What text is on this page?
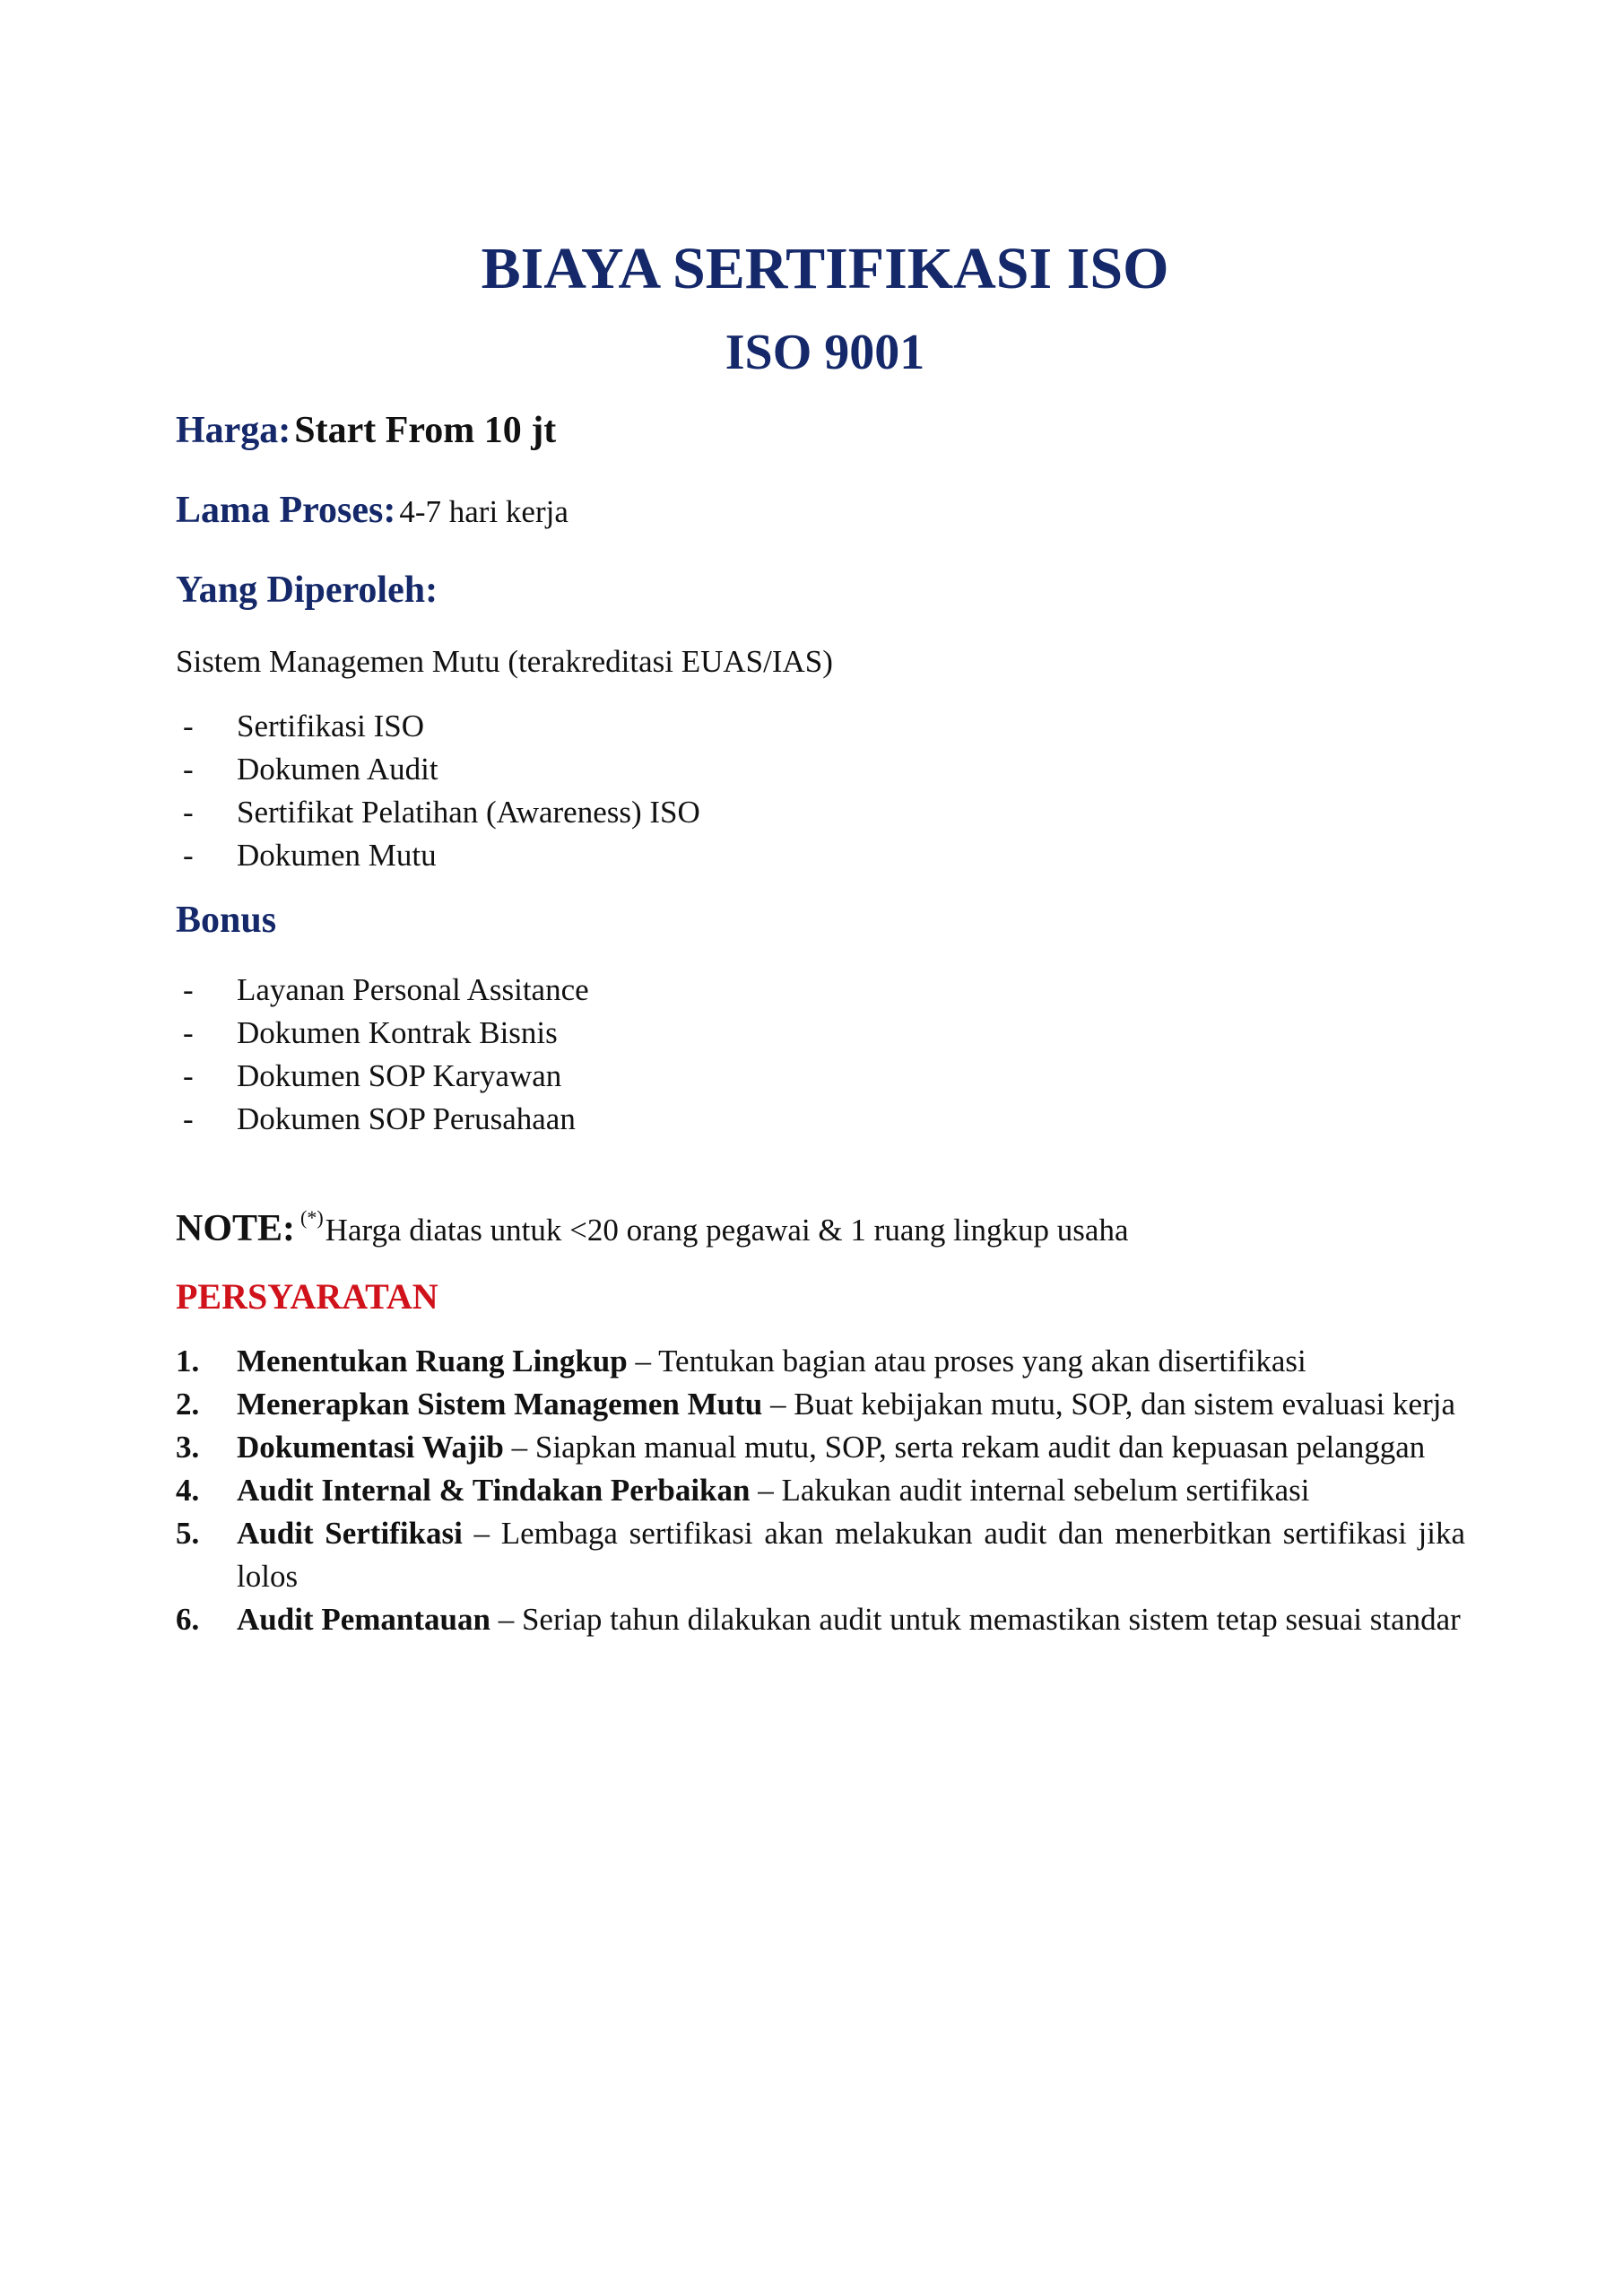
BIAYA SERTIFIKASI ISO
ISO 9001
Harga: Start From 10 jt
Lama Proses: 4-7 hari kerja
Yang Diperoleh:
Sistem Managemen Mutu (terakreditasi EUAS/IAS)
-	Sertifikasi ISO
-	Dokumen Audit
-	Sertifikat Pelatihan (Awareness) ISO
-	Dokumen Mutu
Bonus
-	Layanan Personal Assitance
-	Dokumen Kontrak Bisnis
-	Dokumen SOP Karyawan
-	Dokumen SOP Perusahaan
NOTE: (*)Harga diatas untuk <20 orang pegawai & 1 ruang lingkup usaha
PERSYARATAN
1.	Menentukan Ruang Lingkup – Tentukan bagian atau proses yang akan disertifikasi
2.	Menerapkan Sistem Managemen Mutu – Buat kebijakan mutu, SOP, dan sistem evaluasi kerja
3.	Dokumentasi Wajib – Siapkan manual mutu, SOP, serta rekam audit dan kepuasan pelanggan
4.	Audit Internal & Tindakan Perbaikan – Lakukan audit internal sebelum sertifikasi
5.	Audit Sertifikasi – Lembaga sertifikasi akan melakukan audit dan menerbitkan sertifikasi jika lolos
6.	Audit Pemantauan – Seriap tahun dilakukan audit untuk memastikan sistem tetap sesuai standar
